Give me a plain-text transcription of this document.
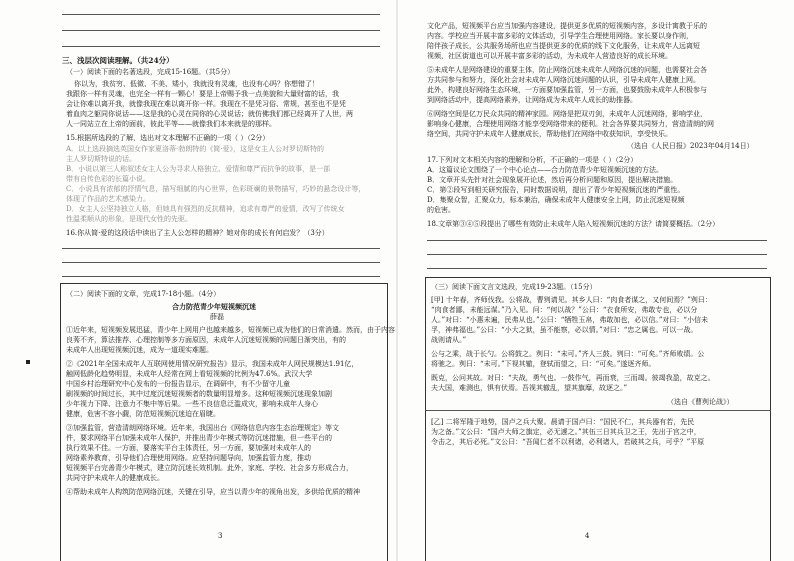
三、浅层次阅读理解。（共24分）
（一）阅读下面的名著选段，完成15-16题。（共5分）
你以为，我贫穷、低微、不美、矮小，我就没有灵魂，也没有心吗？你想错了！
我跟你一样有灵魂，也完全一样有一颗心！要是上帝赐予我一点美貌和大量财富的话，我
会让你难以离开我，就像我现在难以离开你一样。我现在不是凭习俗、常规，甚至也不是凭
着血肉之躯同你说话——这是我的心灵在同你的心灵说话；就仿佛我们都已经离开了人世，两
人一同站立在上帝的面前，彼此平等——就像我们本来就是的那样。
15.根据所选段的了解，选出对文本理解不正确的一项（ ）（2分）
A．以上选段摘选英国女作家夏洛蒂·勃朗特的《简·爱》，这是女主人公对罗切斯特的
主人罗切斯特说的话。
B．小说以第三人称叙述女主人公为寻求人格独立、爱情和尊严而抗争的故事，是一部
带有自传色彩的长篇小说。
C．小说具有浓郁的抒情气息，描写细腻的内心世界，色彩斑斓的景物描写，巧妙的悬念设计等，
体现了作品的艺术感染力。
D．女主人公坚持独立人格，但她具有强烈的反抗精神，追求有尊严的爱情，改写了传统女
性温柔顺从的形象，是现代女性的先驱。
16.你从简·爱的这段话中读出了主人公怎样的精神？她对你的成长有何启发？（3分）
（二）阅读下面的文章，完成17-18小题。（4分）
合力防范青少年短视频沉迷
薛磊
①近年来，短视频发展迅猛，青少年上网用户也越来越多，短视频已成为他们的日常消遣。然而，由于内容
良莠不齐，算法推荐、心理控制等多方面原因，未成年人沉迷短视频的问题日渐突出，有的
未成年人出现短视频沉迷，成为一道现实难题。
②《2021年全国未成年人互联网使用情况研究报告》显示，我国未成年人网民规模达1.91亿，
触网低龄化趋势明显，未成年人经常在网上看短视频的比例为47.6%。武汉大学
中国乡村治理研究中心发布的一份报告显示，在调研中，有不少留守儿童
刷视频的时间过长，其中过度沉迷短视频者的数量明显增多。这种短视频沉迷现象加剧
少年视力下降、注意力不集中等后果。一些不良信息泛滥成灾，影响未成年人身心
健康，危害不容小觑，防范短视频沉迷迫在眉睫。
③加强监管，营造清朗网络环境。近年来，我国出台《网络信息内容生态治理规定》等文
件，要求网络平台加强未成年人保护，并推出青少年模式等防沉迷措施，但一些平台的
执行效果不佳。一方面，要落实平台主体责任，另一方面，要加强对未成年人的
网络素养教育，引导他们合理使用网络。应坚持问题导向，加强监管力度，推动
短视频平台完善青少年模式，建立防沉迷长效机制。此外，家庭、学校、社会多方形成合力，
共同守护未成年人的健康成长。
④帮助未成年人构筑防范网络沉迷，关键在引导，应当以青少年的视角出发，多供给优质的精神
3
文化产品，短视频平台应当加强内容建设，提供更多优质的短视频内容，多设计寓教于乐的
内容。学校应当开展丰富多彩的文体活动，引导学生合理使用网络。家长要以身作则，
陪伴孩子成长，公共服务场所也应当提供更多的优质的线下文化服务，让未成年人远离短
视频，社区街道也可以开展丰富多彩的活动，为未成年人营造良好的成长环境。
⑤未成年人是网络建设的重要主体，防止网络沉迷未成年人网络沉迷的问题，也需要社会各
方共同参与和努力，深化社会对未成年人网络沉迷问题的认识，引导未成年人健康上网。
此外，构建良好网络生态环境，一方面要加强监管，另一方面，也要鼓励未成年人积极参与
到网络活动中，提高网络素养，让网络成为未成年人成长的助推器。
⑥网络空间是亿万民众共同的精神家园。网络是把双刃剑，未成年人沉迷网络，影响学业，
影响身心健康，合理使用网络才能享受网络带来的便利。社会各界要共同努力，营造清朗的网
络空间，共同守护未成年人健康成长，帮助他们在网络中收获知识，享受快乐。
（选自《人民日报》2023年04月14日）
17.下列对文本相关内容的理解和分析，不正确的一项是（ ）（2分）
A．这篇议论文围绕了一个中心论点——合力防范青少年短视频沉迷的方法。
B．文章开头先针对社会现象展开论述，然后再分析问题和原因，提出解决措施。
C．第②段写到相关研究报告，同时数据说明，提出了青少年短视频沉迷的严重性。
D．集聚众智，汇聚众力，标本兼治，确保未成年人健康安全上网，防止沉迷短视频
的危害。
18.文章第③④⑤段提出了哪些有效防止未成年人陷入短视频沉迷的方法？请简要概括。（2分）
（三）阅读下面文言文选段，完成19-23题。（15分）
[甲] 十年春，齐师伐我。公将战，曹刿请见。其乡人曰：“肉食者谋之，又何间焉？”刿曰：
“肉食者鄙，未能远谋。”乃入见。问：“何以战？”公曰：“衣食所安，弗敢专也，必以分
人。”对曰：“小惠未遍，民弗从也。”公曰：“牺牲玉帛，弗敢加也，必以信。”对曰：“小信未
孚，神弗福也。”公曰：“小大之狱，虽不能察，必以情。”对曰：“忠之属也。可以一战。
战则请从。”
公与之乘，战于长勺。公将鼓之。刿曰：“未可。”齐人三鼓。刿曰：“可矣。”齐师败绩。公
将驰之。刿曰：“未可。”下视其辙，登轼而望之，曰：“可矣。”遂逐齐师。
既克，公问其故。对曰：“夫战，勇气也。一鼓作气，再而衰，三而竭。彼竭我盈，故克之。
夫大国，难测也，惧有伏焉。吾视其辙乱，望其旗靡，故逐之。”
（选自《曹刿论战》）
[乙] 二将军隆于地势，国卢之兵大聚。晨请于国卢曰：“国民不仁，其兵器有若，先民
为之备。”文公曰：“国卢大师之旗定，必无遽之。”其伍三日其兵卫之王，先出于宫之中，
令击之，其后必死。”文公曰：“吾闻仁者不以利诸，必利诸人，若破其之兵，可乎？”平原
4
